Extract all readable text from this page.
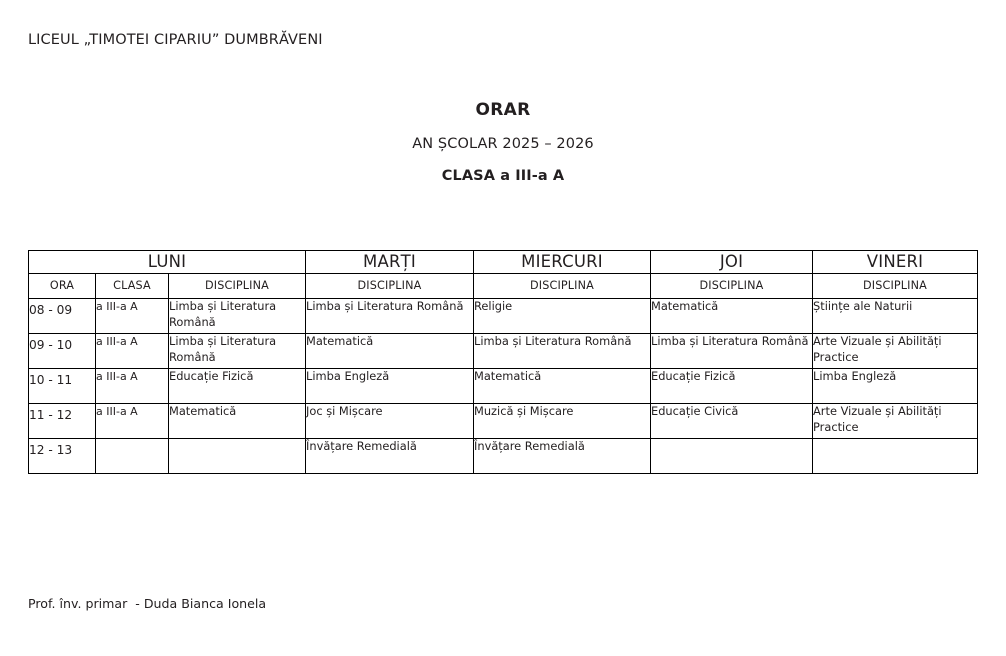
LICEUL „TIMOTEI CIPARIU” DUMBRĂVENI
ORAR
AN ȘCOLAR 2025 – 2026
CLASA a III-a A
LUNI			MARȚI	MIERCURI	JOI	VINERI
ORA	CLASA	DISCIPLINA	DISCIPLINA	DISCIPLINA	DISCIPLINA	DISCIPLINA
08 - 09	a III-a A	Limba și Literatura Română	Limba și Literatura Română	Religie	Matematică	Științe ale Naturii
09 - 10	a III-a A	Limba și Literatura Română	Matematică	Limba și Literatura Română	Limba și Literatura Română	Arte Vizuale și Abilități Practice
10 - 11	a III-a A	Educație Fizică	Limba Engleză	Matematică	Educație Fizică	Limba Engleză
11 - 12	a III-a A	Matematică	Joc și Mișcare	Muzică și Mișcare	Educație Civică	Arte Vizuale și Abilități Practice
12 - 13			Învățare Remedială	Învățare Remedială		
Prof. înv. primar  - Duda Bianca Ionela
